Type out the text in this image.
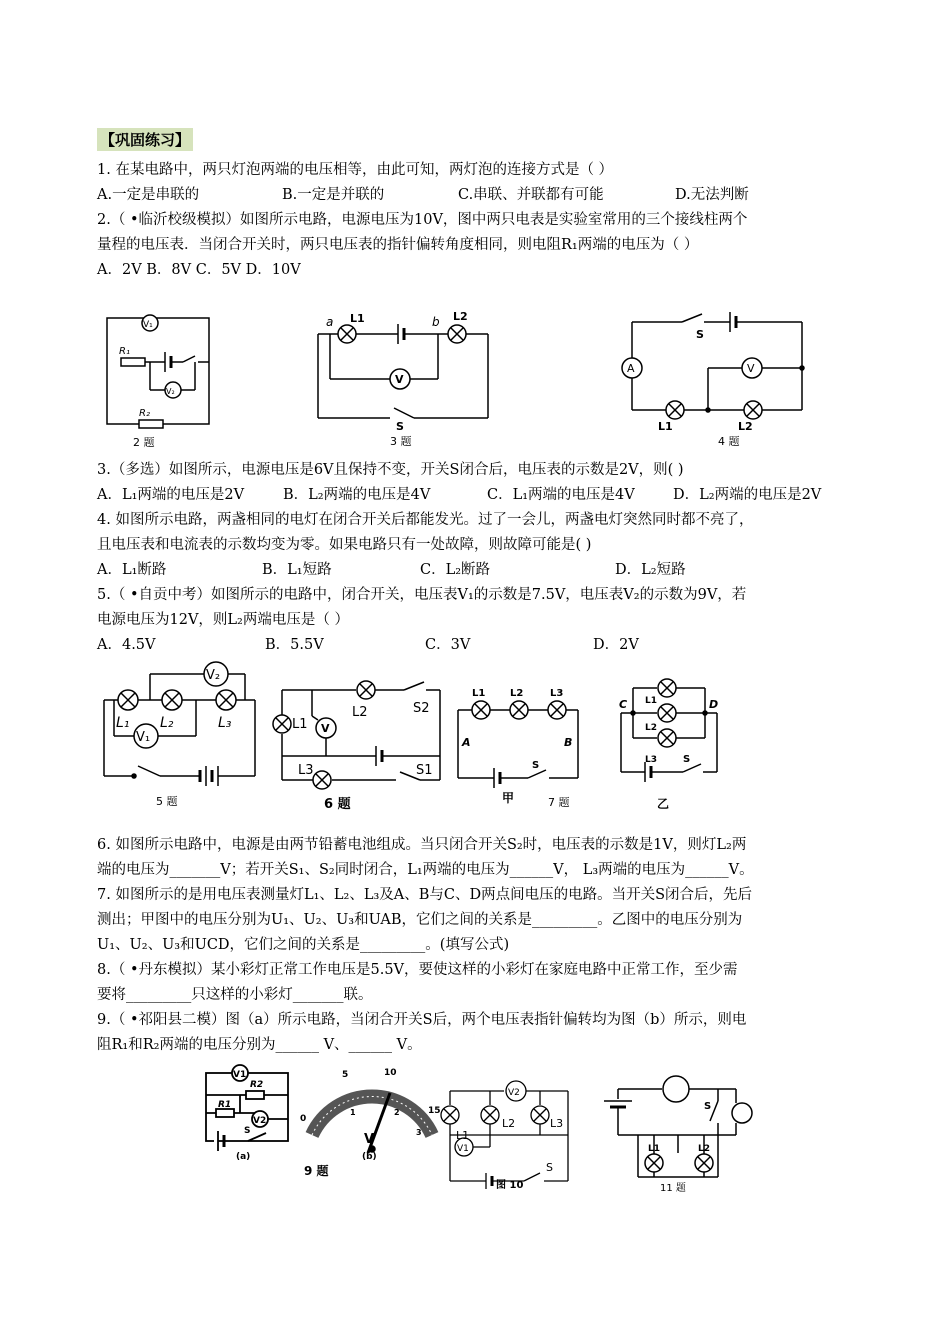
【巩固练习】
1. 在某电路中，两只灯泡两端的电压相等，由此可知，两灯泡的连接方式是（ ）
A.一定是串联的	B.一定是并联的	C.串联、并联都有可能	D.无法判断
2.（ •临沂校级模拟）如图所示电路，电源电压为10V，图中两只电表是实验室常用的三个接线柱两个
量程的电压表．当闭合开关时，两只电压表的指针偏转角度相同，则电阻R₁两端的电压为（ ）
A．2V B．8V C．5V D．10V
V₁
R₁
V₂
R₂
2 题
V
a L1	b L2
S
3 题
A	V
S
L1	L2
4 题
3.（多选）如图所示，电源电压是6V且保持不变，开关S闭合后，电压表的示数是2V，则( )
A．L₁两端的电压是2V	B．L₂两端的电压是4V	C．L₁两端的电压是4V	D．L₂两端的电压是2V
4. 如图所示电路，两盏相同的电灯在闭合开关后都能发光。过了一会儿，两盏电灯突然同时都不亮了，
且电压表和电流表的示数均变为零。如果电路只有一处故障，则故障可能是( )
A．L₁断路	B．L₁短路	C．L₂断路	D．L₂短路
5.（ •自贡中考）如图所示的电路中，闭合开关，电压表V₁的示数是7.5V，电压表V₂的示数为9V，若
电源电压为12V，则L₂两端电压是（ ）
A．4.5V	B．5.5V	C．3V	D．2V
V₂
V₁
L₁ L₂	L₃
5 题
V
L1
L2	S2
L3	S1
6 题
L1 L2	L3
A	B
S
甲	7 题
L1
L2
L3
C	D
S
乙
6. 如图所示电路中，电源是由两节铅蓄电池组成。当只闭合开关S₂时，电压表的示数是1V，则灯L₂两
端的电压为_______V；若开关S₁、S₂同时闭合，L₁两端的电压为______V， L₃两端的电压为______V。
7. 如图所示的是用电压表测量灯L₁、L₂、L₃及A、B与C、D两点间电压的电路。当开关S闭合后，先后
测出；甲图中的电压分别为U₁、U₂、U₃和UAB，它们之间的关系是_________。乙图中的电压分别为
U₁、U₂、U₃和UCD，它们之间的关系是_________。(填写公式)
8.（ •丹东模拟）某小彩灯正常工作电压是5.5V，要使这样的小彩灯在家庭电路中正常工作，至少需
要将_________只这样的小彩灯_______联。
9.（ •祁阳县二模）图（a）所示电路，当闭合开关S后，两个电压表指针偏转均为图（b）所示，则电
阻R₁和R₂两端的电压分别为______ V、______ V。
V1
R2
R1
V2
S
(a)
0
5	10
15
1	2
3
V
(b)
9 题
V2
V1
L1
L2	L3
S
图 10
S
L1	L2
11 题
